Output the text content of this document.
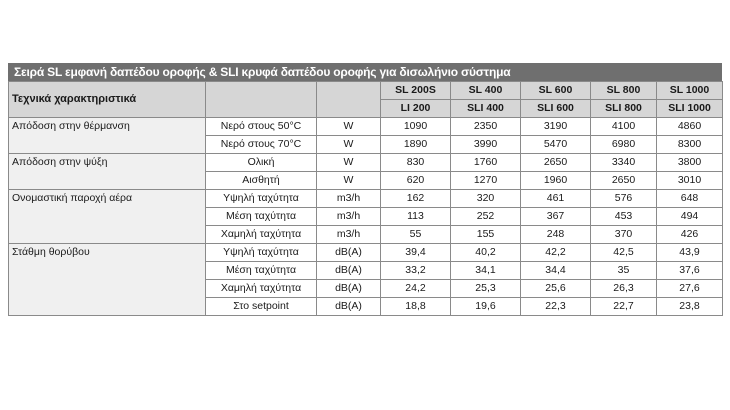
Σειρά SL εμφανή δαπέδου οροφής & SLI κρυφά δαπέδου οροφής για δισωλήνιο σύστημα
Τεχνικά χαρακτηριστικά			SL 200S	SL 400	SL 600	SL 800	SL 1000
			LI 200	SLI 400	SLI 600	SLI 800	SLI 1000
Απόδοση στην θέρμανση	Νερό στους 50°C	W	1090	2350	3190	4100	4860
	Νερό στους 70°C	W	1890	3990	5470	6980	8300
Απόδοση στην ψύξη	Ολική	W	830	1760	2650	3340	3800
	Αισθητή	W	620	1270	1960	2650	3010
Ονομαστική παροχή αέρα	Υψηλή ταχύτητα	m3/h	162	320	461	576	648
	Μέση ταχύτητα	m3/h	113	252	367	453	494
	Χαμηλή ταχύτητα	m3/h	55	155	248	370	426
Στάθμη θορύβου	Υψηλή ταχύτητα	dB(A)	39,4	40,2	42,2	42,5	43,9
	Μέση ταχύτητα	dB(A)	33,2	34,1	34,4	35	37,6
	Χαμηλή ταχύτητα	dB(A)	24,2	25,3	25,6	26,3	27,6
	Στο setpoint	dB(A)	18,8	19,6	22,3	22,7	23,8
